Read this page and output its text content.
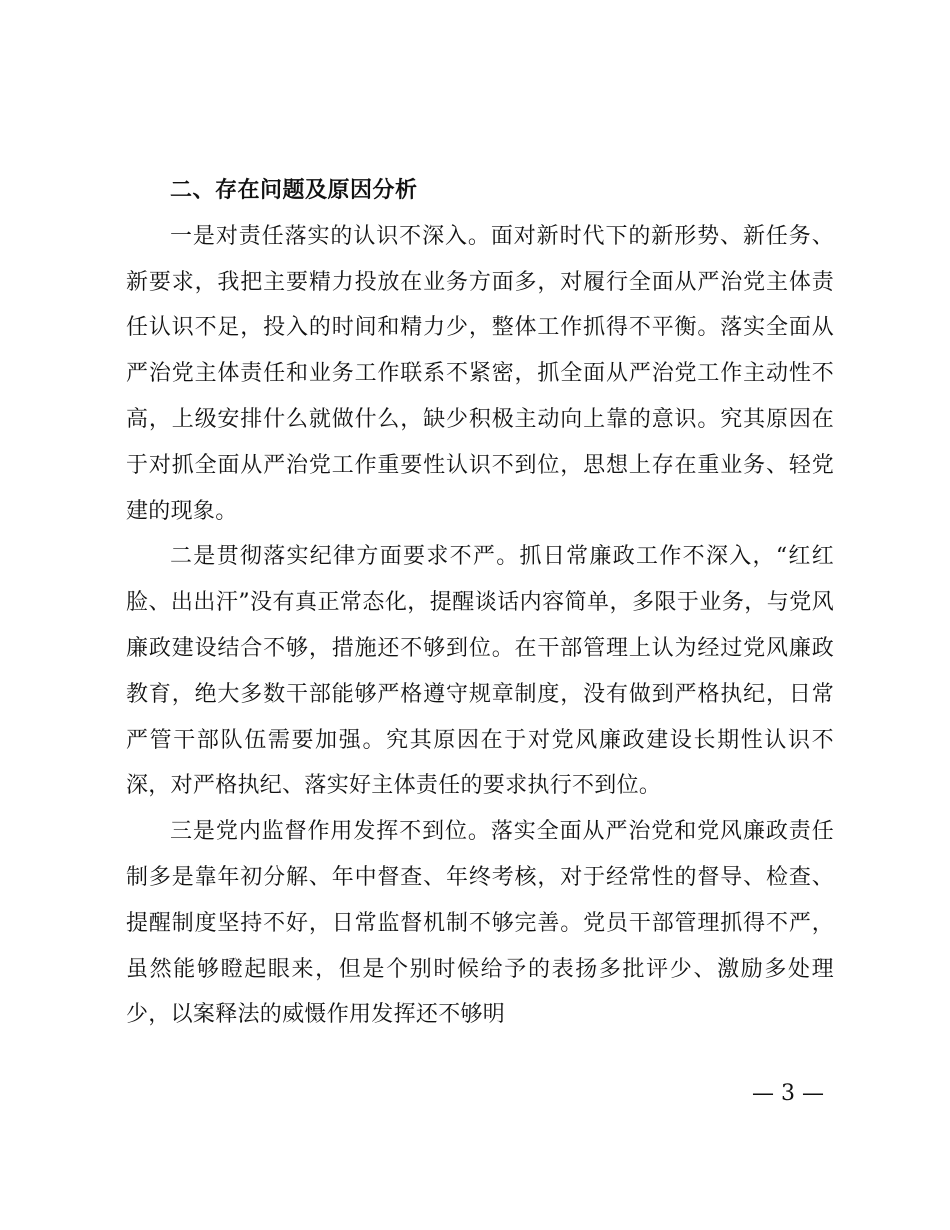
二、存在问题及原因分析

一是对责任落实的认识不深入。面对新时代下的新形势、新任务、新要求，我把主要精力投放在业务方面多，对履行全面从严治党主体责任认识不足，投入的时间和精力少，整体工作抓得不平衡。落实全面从严治党主体责任和业务工作联系不紧密，抓全面从严治党工作主动性不高，上级安排什么就做什么，缺少积极主动向上靠的意识。究其原因在于对抓全面从严治党工作重要性认识不到位，思想上存在重业务、轻党建的现象。

二是贯彻落实纪律方面要求不严。抓日常廉政工作不深入，“红红脸、出出汗”没有真正常态化，提醒谈话内容简单，多限于业务，与党风廉政建设结合不够，措施还不够到位。在干部管理上认为经过党风廉政教育，绝大多数干部能够严格遵守规章制度，没有做到严格执纪，日常严管干部队伍需要加强。究其原因在于对党风廉政建设长期性认识不深，对严格执纪、落实好主体责任的要求执行不到位。

三是党内监督作用发挥不到位。落实全面从严治党和党风廉政责任制多是靠年初分解、年中督查、年终考核，对于经常性的督导、检查、提醒制度坚持不好，日常监督机制不够完善。党员干部管理抓得不严，虽然能够瞪起眼来，但是个别时候给予的表扬多批评少、激励多处理少，以案释法的威慑作用发挥还不够明

— 3 —
